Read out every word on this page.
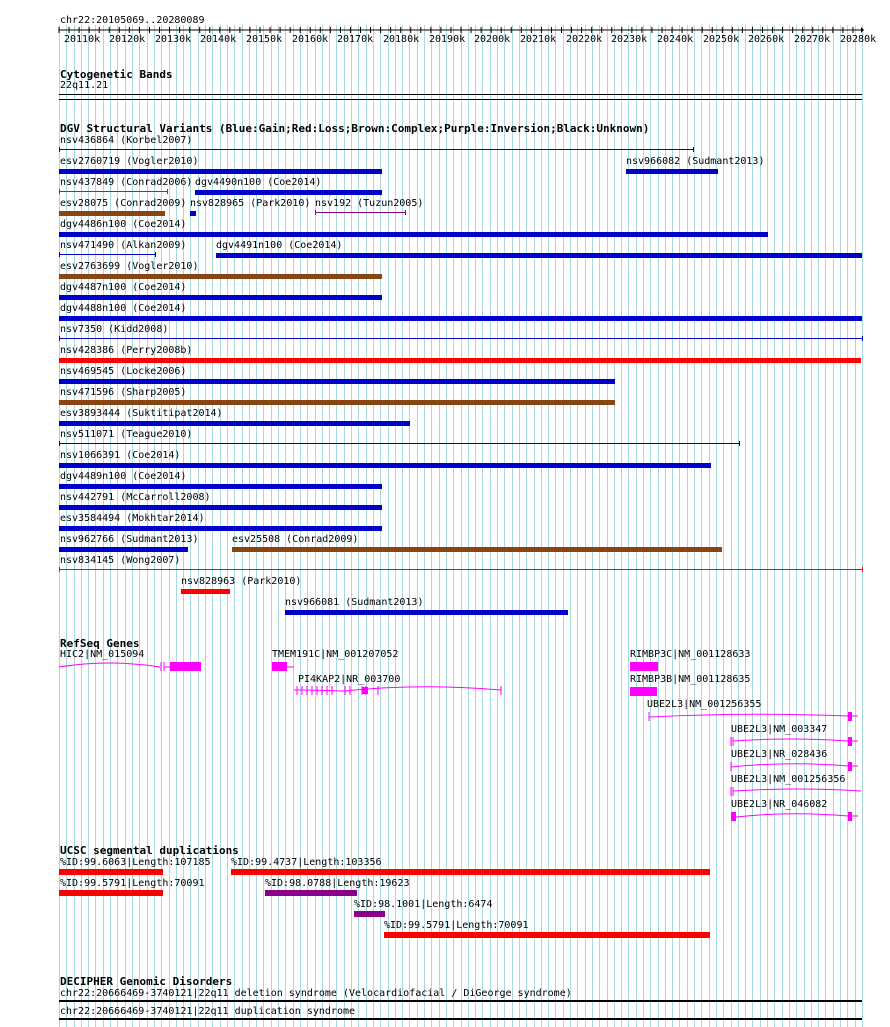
chr22:20105069..20280089
20110k 20120k 20130k 20140k 20150k 20160k 20170k 20180k 20190k 20200k 20210k 20220k 20230k 20240k 20250k 20260k 20270k 20280k
Cytogenetic Bands
22q11.21
DGV Structural Variants (Blue:Gain;Red:Loss;Brown:Complex;Purple:Inversion;Black:Unknown)
nsv436864 (Korbel2007)
esv2760719 (Vogler2010)	nsv966082 (Sudmant2013)
nsv437849 (Conrad2006) dgv4490n100 (Coe2014)
esv28075 (Conrad2009) nsv828965 (Park2010) nsv192 (Tuzun2005)
dgv4486n100 (Coe2014)
nsv471490 (Alkan2009)	dgv4491n100 (Coe2014)
esv2763699 (Vogler2010)
dgv4487n100 (Coe2014)
dgv4488n100 (Coe2014)
nsv7350 (Kidd2008)
nsv428386 (Perry2008b)
nsv469545 (Locke2006)
nsv471596 (Sharp2005)
esv3893444 (Suktitipat2014)
nsv511071 (Teague2010)
nsv1066391 (Coe2014)
dgv4489n100 (Coe2014)
nsv442791 (McCarroll2008)
esv3584494 (Mokhtar2014)
nsv962766 (Sudmant2013)	esv25508 (Conrad2009)
nsv834145 (Wong2007)
nsv828963 (Park2010)
nsv966081 (Sudmant2013)
RefSeq Genes
HIC2|NM_015094	TMEM191C|NM_001207052
PI4KAP2|NR_003700
RIMBP3C|NM_001128633
RIMBP3B|NM_001128635
UBE2L3|NM_001256355
UBE2L3|NM_003347
UBE2L3|NR_028436
UBE2L3|NM_001256356
UBE2L3|NR_046082
UCSC segmental duplications
%ID:99.6063|Length:107185 %ID:99.4737|Length:103356
%ID:99.5791|Length:70091	%ID:98.0788|Length:19623
%ID:98.1001|Length:6474
%ID:99.5791|Length:70091
DECIPHER Genomic Disorders
chr22:20666469-3740121|22q11 deletion syndrome (Velocardiofacial / DiGeorge syndrome)
chr22:20666469-3740121|22q11 duplication syndrome
